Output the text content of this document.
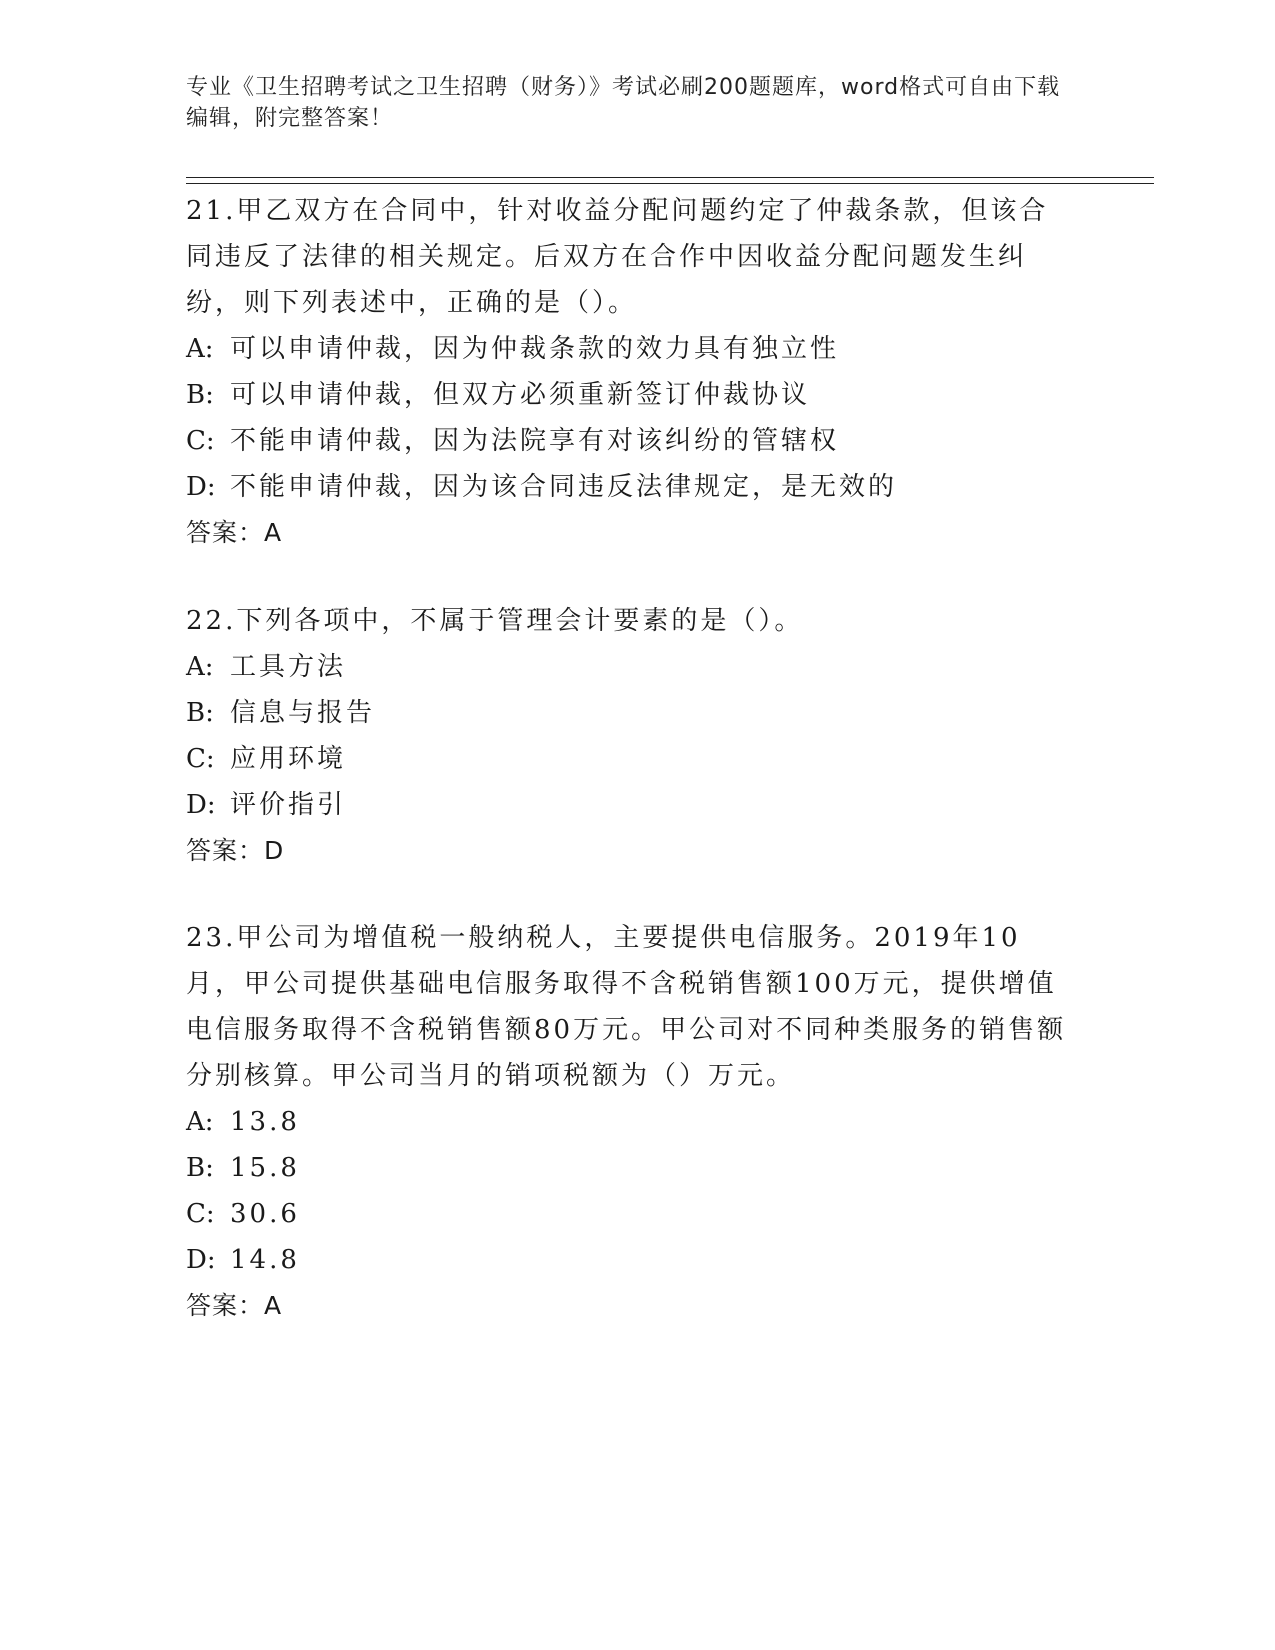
专业《卫生招聘考试之卫生招聘（财务）》考试必刷200题题库，word格式可自由下载编辑，附完整答案！

21.甲乙双方在合同中，针对收益分配问题约定了仲裁条款，但该合同违反了法律的相关规定。后双方在合作中因收益分配问题发生纠纷，则下列表述中，正确的是（）。

A: 可以申请仲裁，因为仲裁条款的效力具有独立性

B: 可以申请仲裁，但双方必须重新签订仲裁协议

C: 不能申请仲裁，因为法院享有对该纠纷的管辖权

D: 不能申请仲裁，因为该合同违反法律规定，是无效的

答案：A

22.下列各项中，不属于管理会计要素的是（）。

A: 工具方法

B: 信息与报告

C: 应用环境

D: 评价指引

答案：D

23.甲公司为增值税一般纳税人，主要提供电信服务。2019年10月，甲公司提供基础电信服务取得不含税销售额100万元，提供增值电信服务取得不含税销售额80万元。甲公司对不同种类服务的销售额分别核算。甲公司当月的销项税额为（）万元。

A: 13.8

B: 15.8

C: 30.6

D: 14.8

答案：A
